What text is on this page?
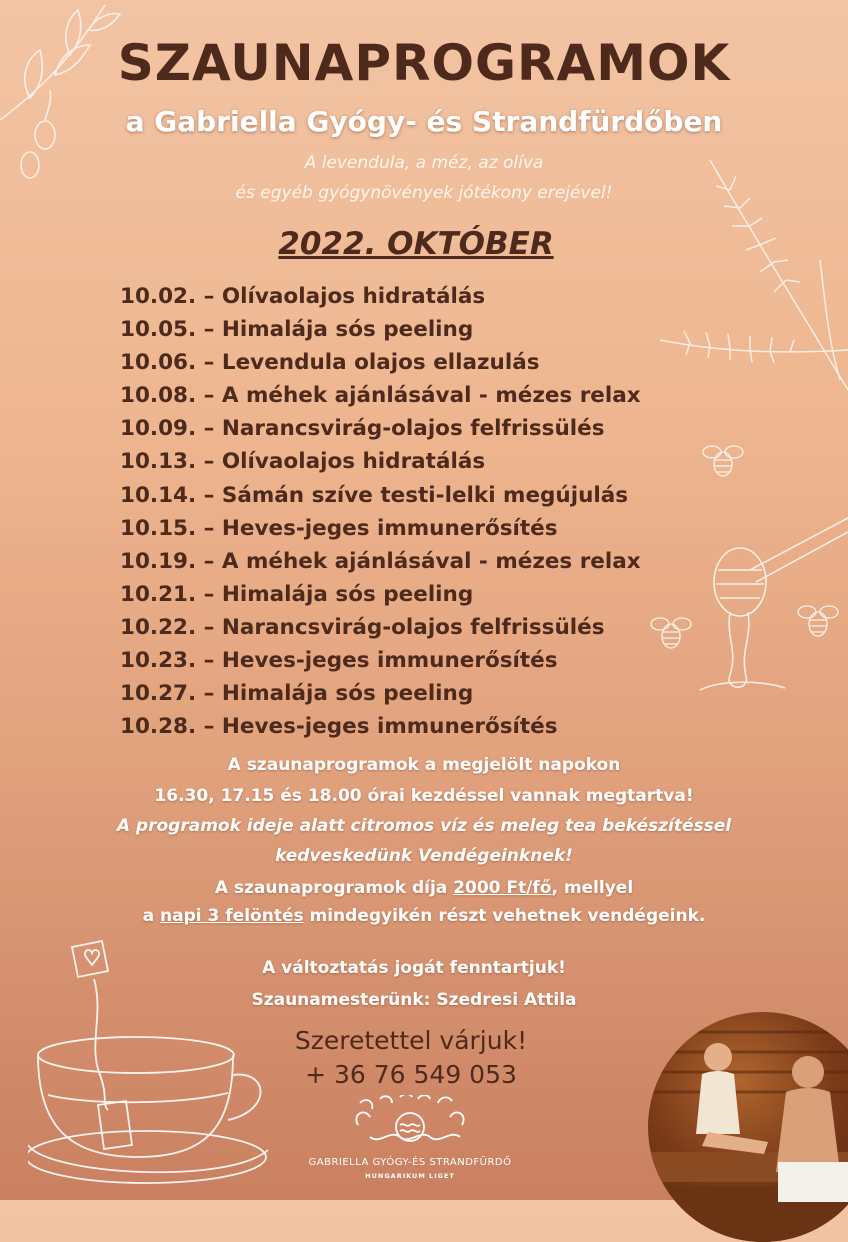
SZAUNAPROGRAMOK
a Gabriella Gyógy- és Strandfürdőben
A levendula, a méz, az olíva
és egyéb gyógynövények jótékony erejével!
2022. OKTÓBER
10.02. – Olívaolajos hidratálás
10.05. – Himalája sós peeling
10.06. – Levendula olajos ellazulás
10.08. – A méhek ajánlásával - mézes relax
10.09. – Narancsvirág-olajos felfrissülés
10.13. – Olívaolajos hidratálás
10.14. – Sámán szíve testi-lelki megújulás
10.15. – Heves-jeges immunerősítés
10.19. – A méhek ajánlásával - mézes relax
10.21. – Himalája sós peeling
10.22. – Narancsvirág-olajos felfrissülés
10.23. – Heves-jeges immunerősítés
10.27. – Himalája sós peeling
10.28. – Heves-jeges immunerősítés
A szaunaprogramok a megjelölt napokon
16.30, 17.15 és 18.00 órai kezdéssel vannak megtartva!
A programok ideje alatt citromos víz és meleg tea bekészítéssel
kedveskedünk Vendégeinknek!
A szaunaprogramok díja 2000 Ft/fő, mellyel
a napi 3 felöntés mindegyikén részt vehetnek vendégeink.
A változtatás jogát fenntartjuk!
Szaunamesterünk: Szedresi Attila
Szeretettel várjuk!
+ 36 76 549 053
GABRIELLA GYÓGY-ÉS STRANDFÜRDŐ
HUNGARIKUM LIGET
